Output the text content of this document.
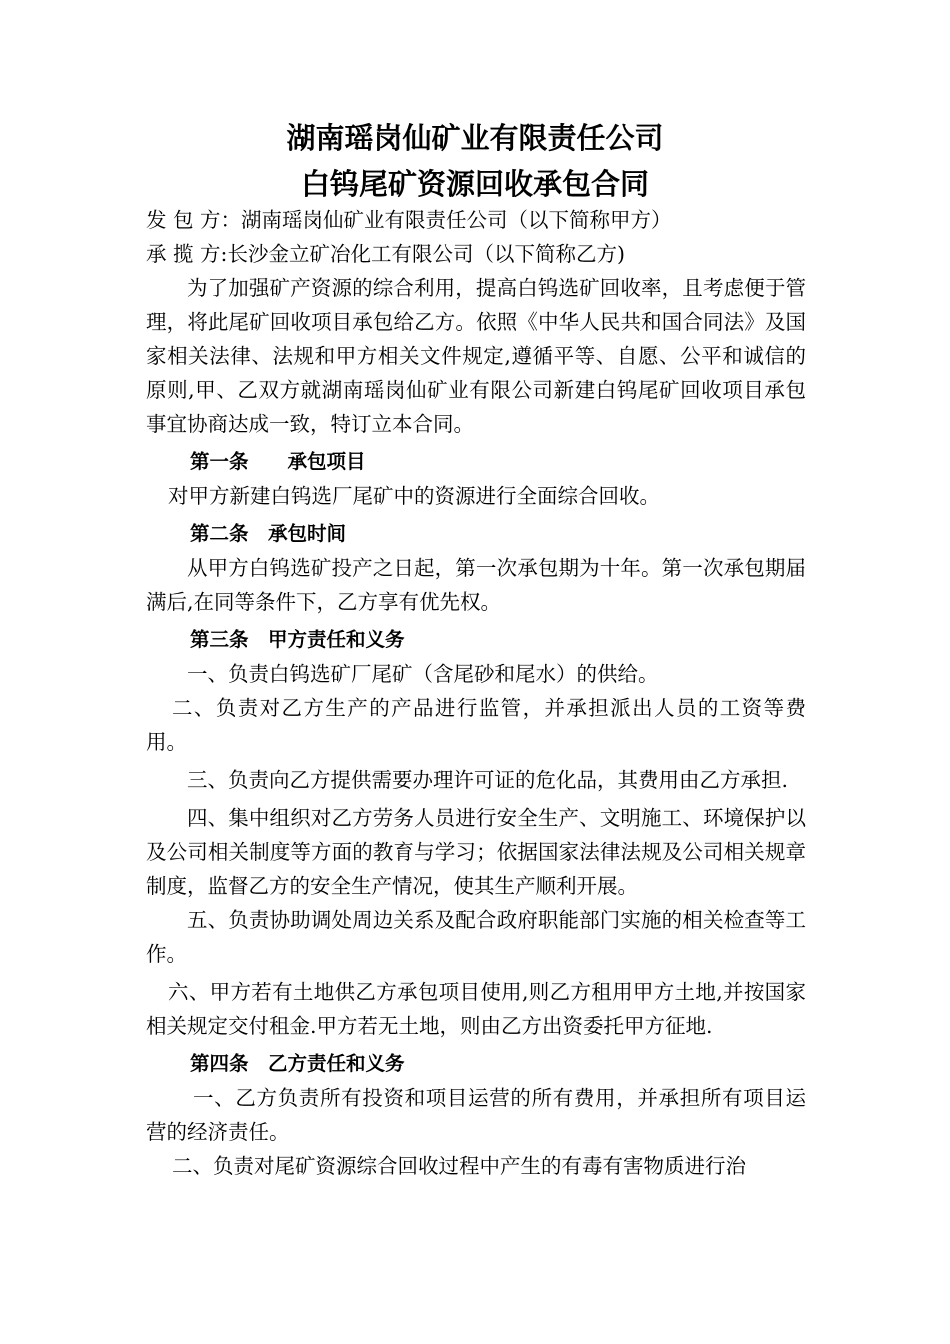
湖南瑶岗仙矿业有限责任公司
白钨尾矿资源回收承包合同

发 包 方：湖南瑶岗仙矿业有限责任公司（以下简称甲方）

承 揽 方:长沙金立矿冶化工有限公司（以下简称乙方)

为了加强矿产资源的综合利用，提高白钨选矿回收率，且考虑便于管理，将此尾矿回收项目承包给乙方。依照《中华人民共和国合同法》及国家相关法律、法规和甲方相关文件规定,遵循平等、自愿、公平和诚信的原则,甲、乙双方就湖南瑶岗仙矿业有限公司新建白钨尾矿回收项目承包事宜协商达成一致，特订立本合同。

第一条　　承包项目

对甲方新建白钨选厂尾矿中的资源进行全面综合回收。

第二条　承包时间

从甲方白钨选矿投产之日起，第一次承包期为十年。第一次承包期届满后,在同等条件下，乙方享有优先权。

第三条　甲方责任和义务

一、负责白钨选矿厂尾矿（含尾砂和尾水）的供给。

二、负责对乙方生产的产品进行监管，并承担派出人员的工资等费用。

三、负责向乙方提供需要办理许可证的危化品，其费用由乙方承担.

四、集中组织对乙方劳务人员进行安全生产、文明施工、环境保护以及公司相关制度等方面的教育与学习；依据国家法律法规及公司相关规章制度，监督乙方的安全生产情况，使其生产顺利开展。

五、负责协助调处周边关系及配合政府职能部门实施的相关检查等工作。

六、甲方若有土地供乙方承包项目使用,则乙方租用甲方土地,并按国家相关规定交付租金.甲方若无土地，则由乙方出资委托甲方征地.

第四条　乙方责任和义务

一、乙方负责所有投资和项目运营的所有费用，并承担所有项目运营的经济责任。

二、负责对尾矿资源综合回收过程中产生的有毒有害物质进行治
